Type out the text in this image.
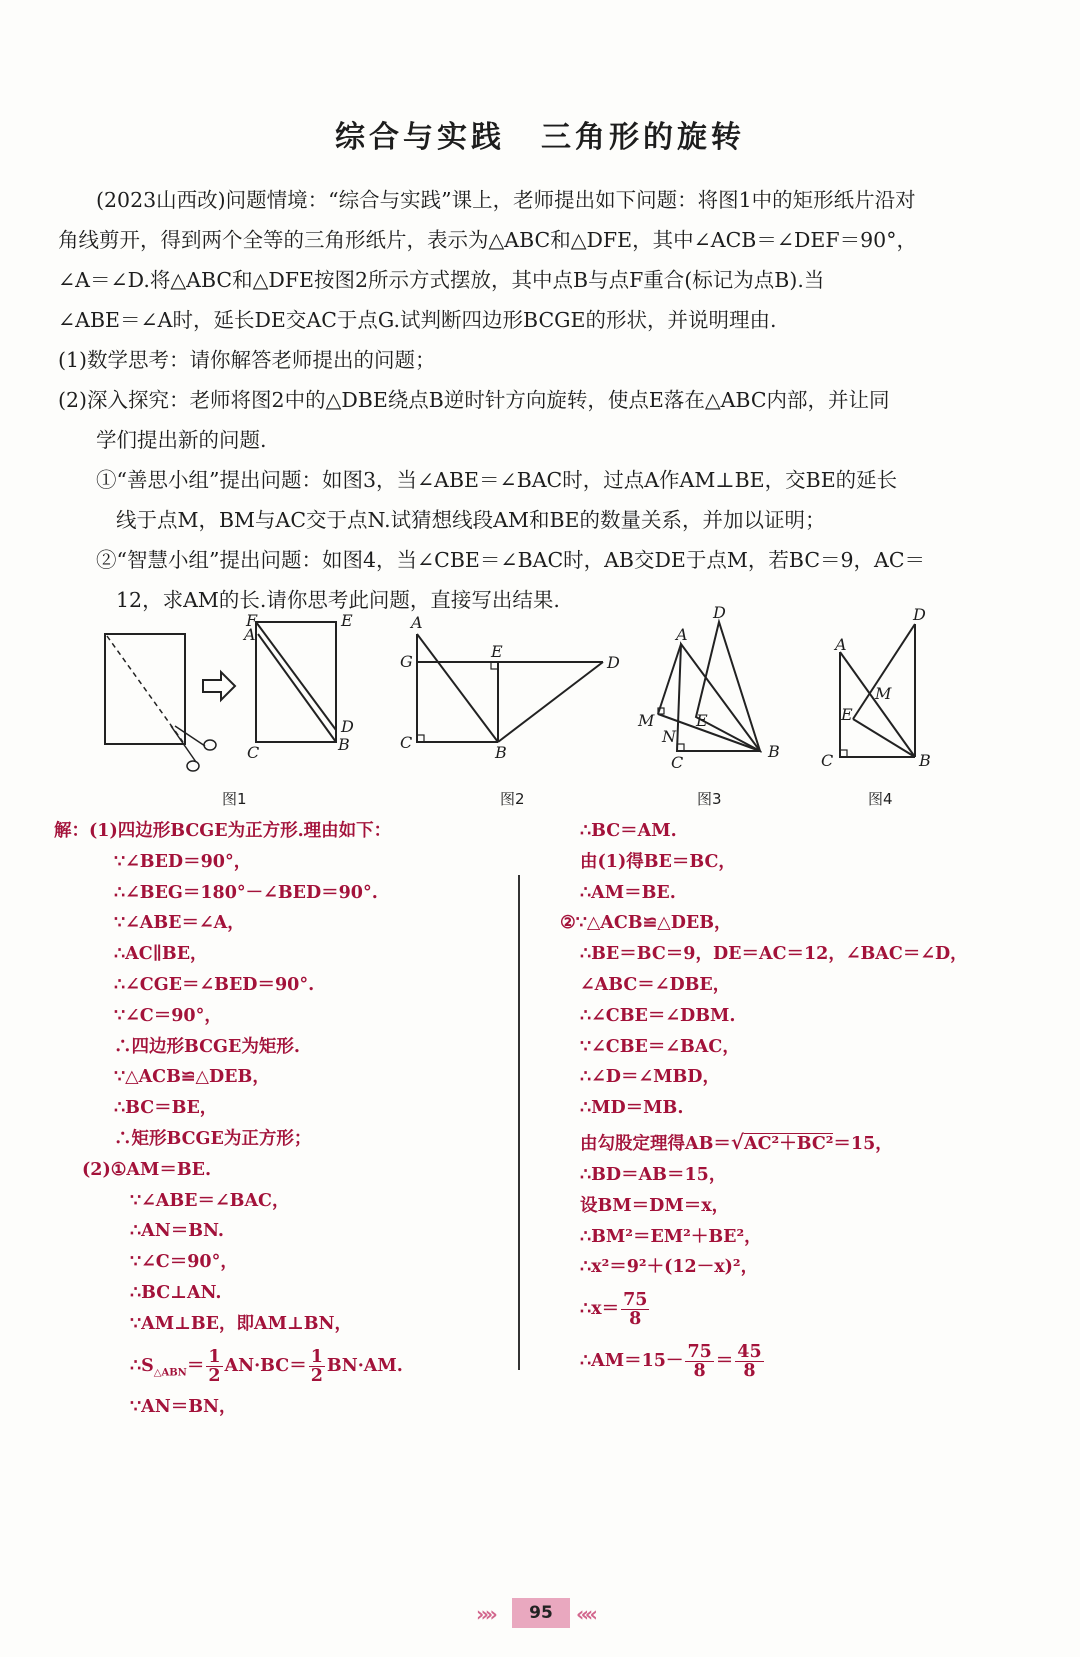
综合与实践 三角形的旋转

(2023山西改)问题情境：“综合与实践”课上，老师提出如下问题：将图1中的矩形纸片沿对

角线剪开，得到两个全等的三角形纸片，表示为△ABC和△DFE，其中∠ACB＝∠DEF＝90°，

∠A＝∠D.将△ABC和△DFE按图2所示方式摆放，其中点B与点F重合(标记为点B).当

∠ABE＝∠A时，延长DE交AC于点G.试判断四边形BCGE的形状，并说明理由.

(1)数学思考：请你解答老师提出的问题；

(2)深入探究：老师将图2中的△DBE绕点B逆时针方向旋转，使点E落在△ABC内部，并让同

学们提出新的问题.

①“善思小组”提出问题：如图3，当∠ABE＝∠BAC时，过点A作AM⊥BE，交BE的延长

线于点M，BM与AC交于点N.试猜想线段AM和BE的数量关系，并加以证明；

②“智慧小组”提出问题：如图4，当∠CBE＝∠BAC时，AB交DE于点M，若BC＝9，AC＝

12，求AM的长.请你思考此问题，直接写出结果.

F	E
A
D
C	B
图1
A
G
E
D
C
B
图2
A
D
M	E
N
C
B
图3
A
D
M
E
C	B
图4
解：(1)四边形BCGE为正方形.理由如下：
∵∠BED＝90°，
∴∠BEG＝180°－∠BED＝90°.
∵∠ABE＝∠A，
∴AC∥BE，
∴∠CGE＝∠BED＝90°.
∵∠C＝90°，
∴四边形BCGE为矩形.
∵△ACB≌△DEB，
∴BC＝BE，
∴矩形BCGE为正方形；
(2)①AM＝BE.
∵∠ABE＝∠BAC，
∴AN＝BN.
∵∠C＝90°，
∴BC⊥AN.
∵AM⊥BE，即AM⊥BN，
$\therefore S_{\triangle ABN}= \frac{1}{2} AN\cdot BC= \frac{1}{2} BN\cdot AM$.
∵AN＝BN，
∴BC＝AM.
由(1)得BE＝BC，
∴AM＝BE.
②∵△ACB≌△DEB，
∴BE＝BC＝9，DE＝AC＝12，∠BAC＝∠D，
∠ABC＝∠DBE，
∴∠CBE＝∠DBM.
∵∠CBE＝∠BAC，
∴∠D＝∠MBD，
∴MD＝MB.
由勾股定理得AB＝√AC²＋BC²＝15，
∴BD＝AB＝15，
设BM＝DM＝x，
∴BM²＝EM²＋BE²，
∴x²＝9²＋(12－x)²，
∴x＝ $\frac{75}{8}$
∴AM＝15－ $\frac{75}{8} = \frac{45}{8}$
»»	95	««
